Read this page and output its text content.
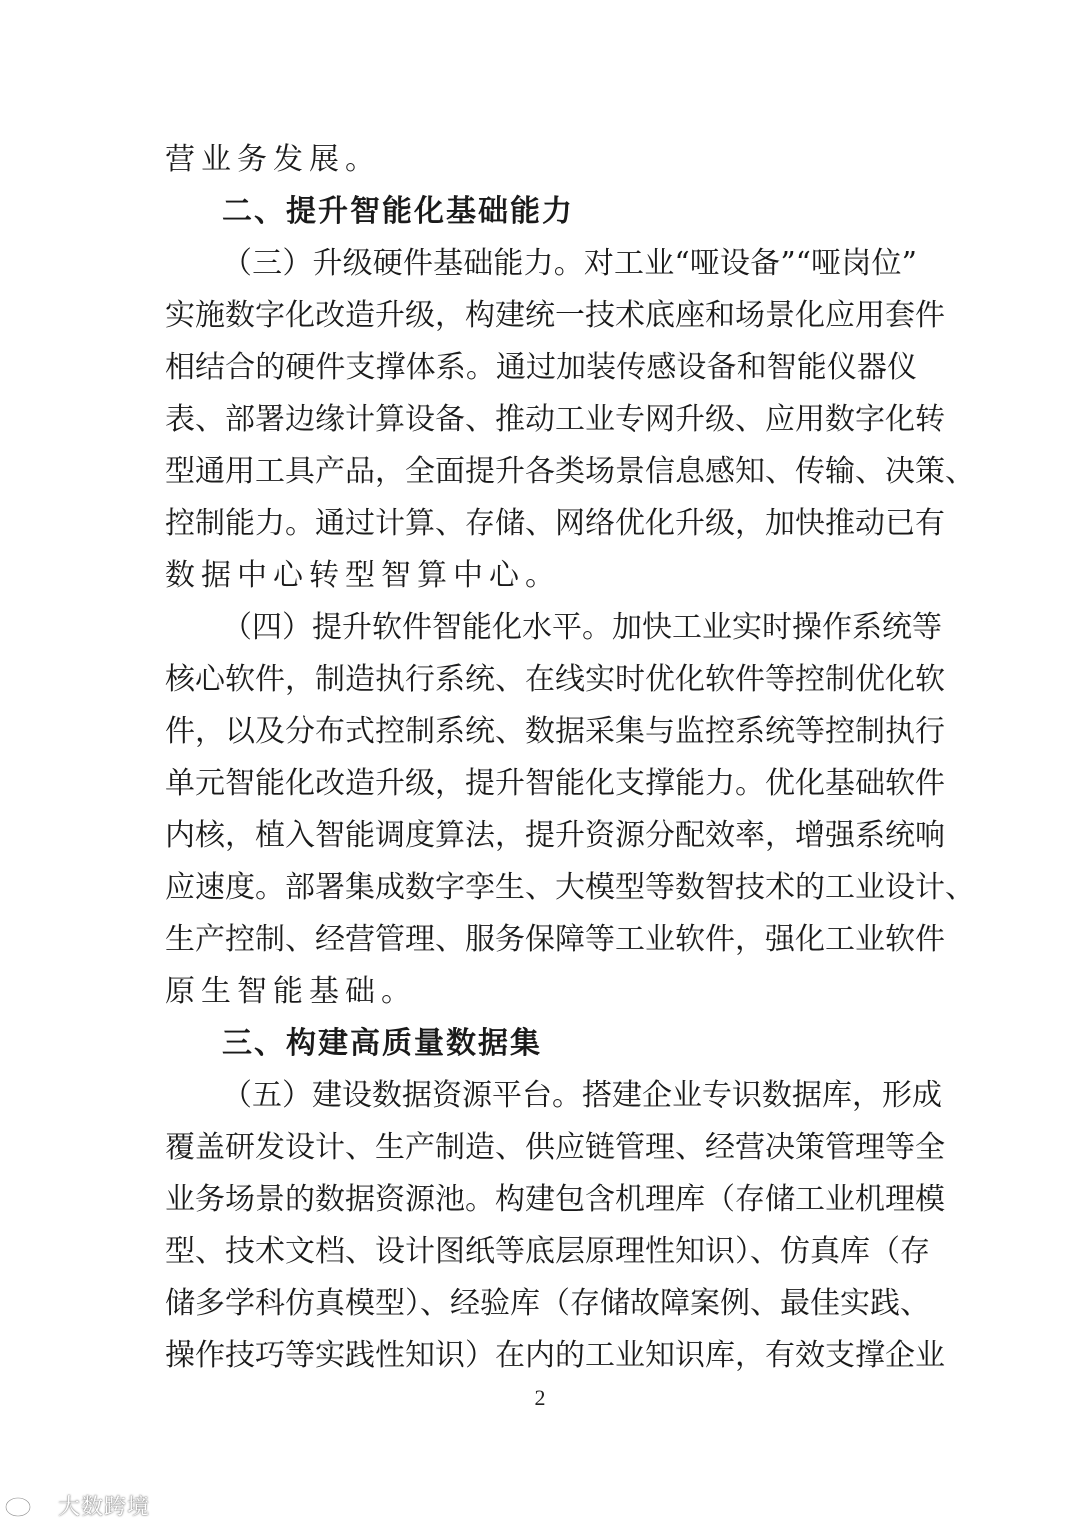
营业务发展。
二、提升智能化基础能力
（三）升级硬件基础能力。对工业“哑设备”“哑岗位”
实施数字化改造升级，构建统一技术底座和场景化应用套件
相结合的硬件支撑体系。通过加装传感设备和智能仪器仪
表、部署边缘计算设备、推动工业专网升级、应用数字化转
型通用工具产品，全面提升各类场景信息感知、传输、决策、
控制能力。通过计算、存储、网络优化升级，加快推动已有
数据中心转型智算中心。
（四）提升软件智能化水平。加快工业实时操作系统等
核心软件，制造执行系统、在线实时优化软件等控制优化软
件，以及分布式控制系统、数据采集与监控系统等控制执行
单元智能化改造升级，提升智能化支撑能力。优化基础软件
内核，植入智能调度算法，提升资源分配效率，增强系统响
应速度。部署集成数字孪生、大模型等数智技术的工业设计、
生产控制、经营管理、服务保障等工业软件，强化工业软件
原生智能基础。
三、构建高质量数据集
（五）建设数据资源平台。搭建企业专识数据库，形成
覆盖研发设计、生产制造、供应链管理、经营决策管理等全
业务场景的数据资源池。构建包含机理库（存储工业机理模
型、技术文档、设计图纸等底层原理性知识）、仿真库（存
储多学科仿真模型）、经验库（存储故障案例、最佳实践、
操作技巧等实践性知识）在内的工业知识库，有效支撑企业
2
大数跨境
